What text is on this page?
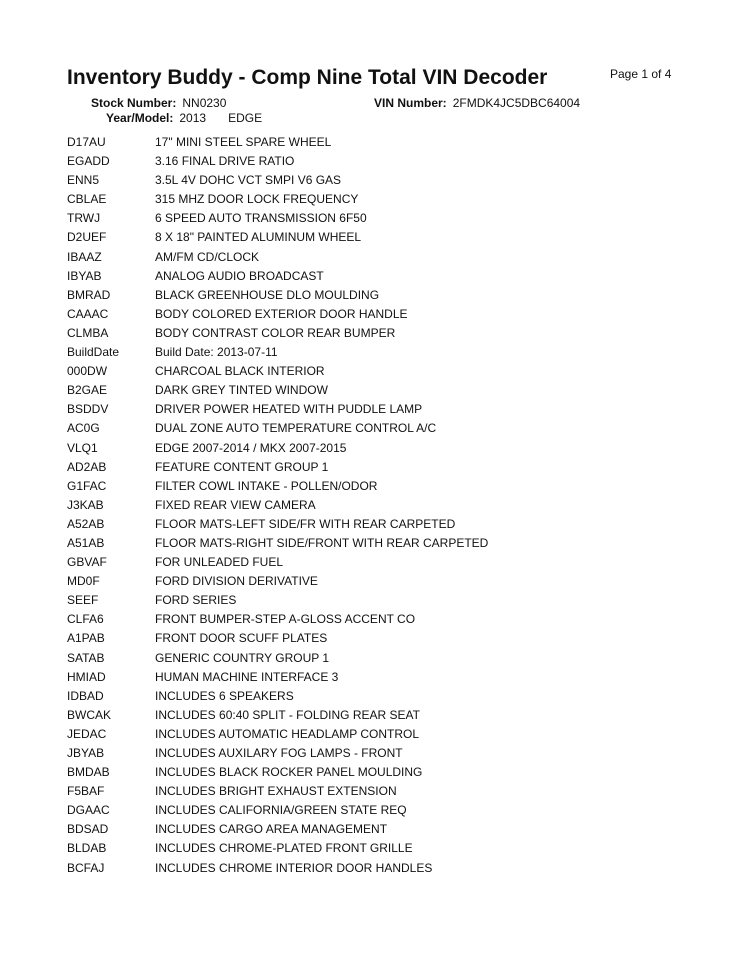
Inventory Buddy - Comp Nine Total VIN Decoder	Page 1 of 4
Stock Number: NN0230	VIN Number: 2FMDK4JC5DBC64004
Year/Model: 2013 EDGE
D17AU	17" MINI STEEL SPARE WHEEL
EGADD	3.16 FINAL DRIVE RATIO
ENN5	3.5L 4V DOHC VCT SMPI V6 GAS
CBLAE	315 MHZ DOOR LOCK FREQUENCY
TRWJ	6 SPEED AUTO TRANSMISSION 6F50
D2UEF	8 X 18" PAINTED ALUMINUM WHEEL
IBAAZ	AM/FM CD/CLOCK
IBYAB	ANALOG AUDIO BROADCAST
BMRAD	BLACK GREENHOUSE DLO MOULDING
CAAAC	BODY COLORED EXTERIOR DOOR HANDLE
CLMBA	BODY CONTRAST COLOR REAR BUMPER
BuildDate	Build Date: 2013-07-11
000DW	CHARCOAL BLACK INTERIOR
B2GAE	DARK GREY TINTED WINDOW
BSDDV	DRIVER POWER HEATED WITH PUDDLE LAMP
AC0G	DUAL ZONE AUTO TEMPERATURE CONTROL A/C
VLQ1	EDGE 2007-2014 / MKX 2007-2015
AD2AB	FEATURE CONTENT GROUP 1
G1FAC	FILTER COWL INTAKE - POLLEN/ODOR
J3KAB	FIXED REAR VIEW CAMERA
A52AB	FLOOR MATS-LEFT SIDE/FR WITH REAR CARPETED
A51AB	FLOOR MATS-RIGHT SIDE/FRONT WITH REAR CARPETED
GBVAF	FOR UNLEADED FUEL
MD0F	FORD DIVISION DERIVATIVE
SEEF	FORD SERIES
CLFA6	FRONT BUMPER-STEP A-GLOSS ACCENT CO
A1PAB	FRONT DOOR SCUFF PLATES
SATAB	GENERIC COUNTRY GROUP 1
HMIAD	HUMAN MACHINE INTERFACE 3
IDBAD	INCLUDES 6 SPEAKERS
BWCAK	INCLUDES 60:40 SPLIT - FOLDING REAR SEAT
JEDAC	INCLUDES AUTOMATIC HEADLAMP CONTROL
JBYAB	INCLUDES AUXILARY FOG LAMPS - FRONT
BMDAB	INCLUDES BLACK ROCKER PANEL MOULDING
F5BAF	INCLUDES BRIGHT EXHAUST EXTENSION
DGAAC	INCLUDES CALIFORNIA/GREEN STATE REQ
BDSAD	INCLUDES CARGO AREA MANAGEMENT
BLDAB	INCLUDES CHROME-PLATED FRONT GRILLE
BCFAJ	INCLUDES CHROME INTERIOR DOOR HANDLES
